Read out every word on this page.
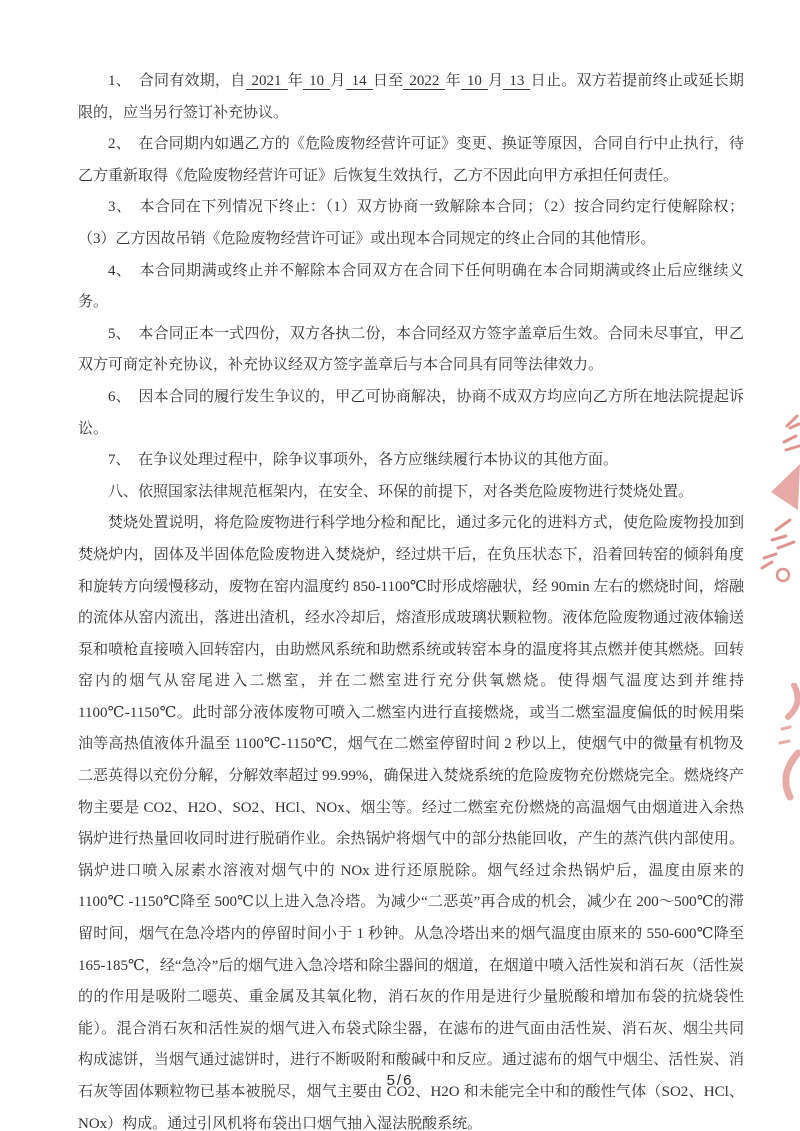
1、　合同有效期，自 2021 年 10 月 14 日至 2022 年 10 月 13 日止。双方若提前终止或延长期限的，应当另行签订补充协议。

2、　在合同期内如遇乙方的《危险废物经营许可证》变更、换证等原因，合同自行中止执行，待乙方重新取得《危险废物经营许可证》后恢复生效执行，乙方不因此向甲方承担任何责任。

3、　本合同在下列情况下终止：（1）双方协商一致解除本合同；（2）按合同约定行使解除权；（3）乙方因故吊销《危险废物经营许可证》或出现本合同规定的终止合同的其他情形。

4、　本合同期满或终止并不解除本合同双方在合同下任何明确在本合同期满或终止后应继续义务。

5、　本合同正本一式四份，双方各执二份，本合同经双方签字盖章后生效。合同未尽事宜，甲乙双方可商定补充协议，补充协议经双方签字盖章后与本合同具有同等法律效力。

6、　因本合同的履行发生争议的，甲乙可协商解决，协商不成双方均应向乙方所在地法院提起诉讼。

7、　在争议处理过程中，除争议事项外，各方应继续履行本协议的其他方面。

八、依照国家法律规范框架内，在安全、环保的前提下，对各类危险废物进行焚烧处置。

焚烧处置说明，将危险废物进行科学地分检和配比，通过多元化的进料方式，使危险废物投加到焚烧炉内，固体及半固体危险废物进入焚烧炉，经过烘干后，在负压状态下，沿着回转窑的倾斜角度和旋转方向缓慢移动，废物在窑内温度约 850-1100℃时形成熔融状，经 90min 左右的燃烧时间，熔融的流体从窑内流出，落进出渣机，经水冷却后，熔渣形成玻璃状颗粒物。液体危险废物通过液体输送泵和喷枪直接喷入回转窑内，由助燃风系统和助燃系统或转窑本身的温度将其点燃并使其燃烧。回转窑内的烟气从窑尾进入二燃室，并在二燃室进行充分供氧燃烧。使得烟气温度达到并维持 1100℃-1150℃。此时部分液体废物可喷入二燃室内进行直接燃烧，或当二燃室温度偏低的时候用柴油等高热值液体升温至 1100℃-1150℃，烟气在二燃室停留时间 2 秒以上，使烟气中的微量有机物及二恶英得以充份分解，分解效率超过 99.99%，确保进入焚烧系统的危险废物充份燃烧完全。燃烧终产物主要是 CO2、H2O、SO2、HCl、NOx、烟尘等。经过二燃室充份燃烧的高温烟气由烟道进入余热锅炉进行热量回收同时进行脱硝作业。余热锅炉将烟气中的部分热能回收，产生的蒸汽供内部使用。锅炉进口喷入尿素水溶液对烟气中的 NOx 进行还原脱除。烟气经过余热锅炉后，温度由原来的 1100℃ -1150℃降至 500℃以上进入急冷塔。为减少“二恶英”再合成的机会，减少在 200～500℃的滞留时间，烟气在急冷塔内的停留时间小于 1 秒钟。从急冷塔出来的烟气温度由原来的 550-600℃降至 165-185℃，经“急冷”后的烟气进入急冷塔和除尘器间的烟道，在烟道中喷入活性炭和消石灰（活性炭的的作用是吸附二噁英、重金属及其氧化物，消石灰的作用是进行少量脱酸和增加布袋的抗烧袋性能）。混合消石灰和活性炭的烟气进入布袋式除尘器，在滤布的进气面由活性炭、消石灰、烟尘共同构成滤饼，当烟气通过滤饼时，进行不断吸附和酸碱中和反应。通过滤布的烟气中烟尘、活性炭、消石灰等固体颗粒物已基本被脱尽，烟气主要由 CO2、H2O 和未能完全中和的酸性气体（SO2、HCl、NOx）构成。通过引风机将布袋出口烟气抽入湿法脱酸系统。

5/6
